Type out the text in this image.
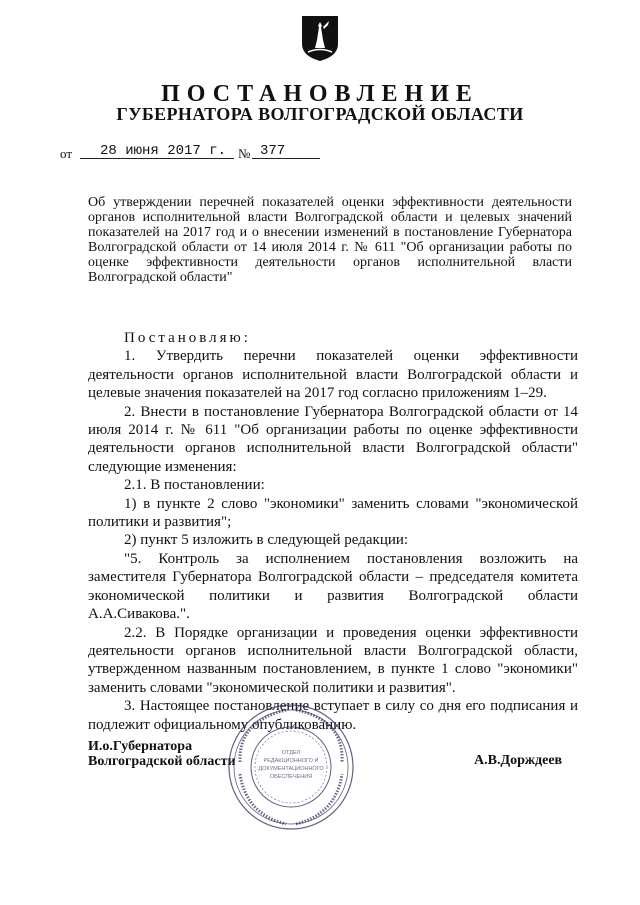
ПОСТАНОВЛЕНИЕ
ГУБЕРНАТОРА ВОЛГОГРАДСКОЙ ОБЛАСТИ
от 28 июня 2017 г. № 377
Об утверждении перечней показателей оценки эффективности деятельности органов исполнительной власти Волгоградской области и целевых значений показателей на 2017 год и о внесении изменений в постановление Губернатора Волгоградской области от 14 июля 2014 г. № 611 "Об организации работы по оценке эффективности деятельности органов исполнительной власти Волгоградской области"

Постановляю:

1. Утвердить перечни показателей оценки эффективности деятельности органов исполнительной власти Волгоградской области и целевые значения показателей на 2017 год согласно приложениям 1–29.

2. Внести в постановление Губернатора Волгоградской области от 14 июля 2014 г. № 611 "Об организации работы по оценке эффективности деятельности органов исполнительной власти Волгоградской области" следующие изменения:

2.1. В постановлении:

1) в пункте 2 слово "экономики" заменить словами "экономической политики и развития";

2) пункт 5 изложить в следующей редакции:

"5. Контроль за исполнением постановления возложить на заместителя Губернатора Волгоградской области – председателя комитета экономической политики и развития Волгоградской области А.А.Сивакова.".

2.2. В Порядке организации и проведения оценки эффективности деятельности органов исполнительной власти Волгоградской области, утвержденном названным постановлением, в пункте 1 слово "экономики" заменить словами "экономической политики и развития".

3. Настоящее постановление вступает в силу со дня его подписания и подлежит официальному опубликованию.

И.о.Губернатора
Волгоградской области	А.В.Дорждеев
ОТДЕЛ
РЕДАКЦИОННОГО И
ДОКУМЕНТАЦИОННОГО
ОБЕСПЕЧЕНИЯ
